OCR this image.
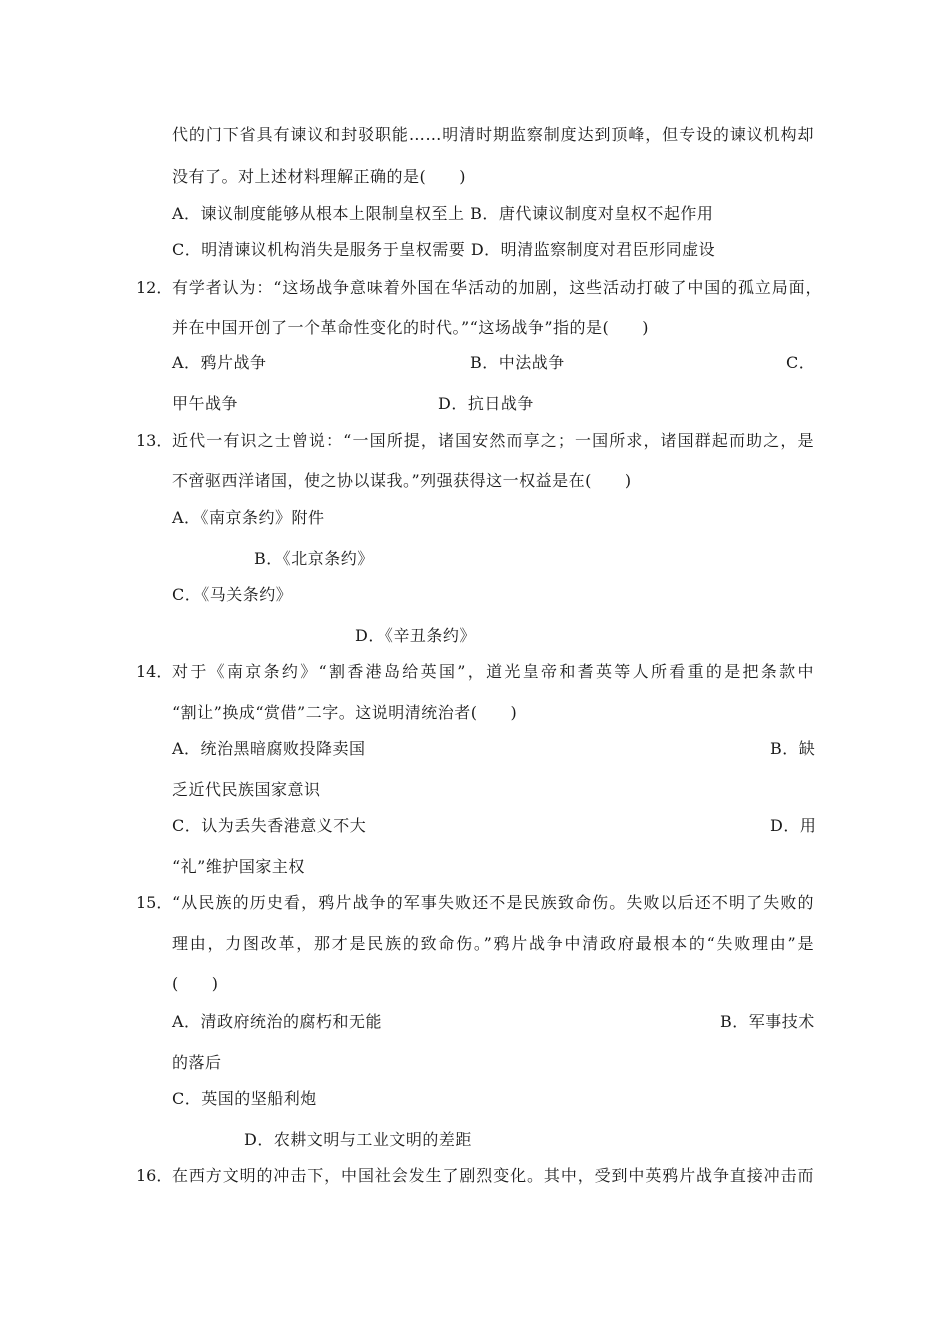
代的门下省具有谏议和封驳职能……明清时期监察制度达到顶峰，但专设的谏议机构却
没有了。对上述材料理解正确的是(　　)
A．谏议制度能够从根本上限制皇权至上 B．唐代谏议制度对皇权不起作用
C．明清谏议机构消失是服务于皇权需要 D．明清监察制度对君臣形同虚设
12． 有学者认为：“这场战争意味着外国在华活动的加剧，这些活动打破了中国的孤立局面，
并在中国开创了一个革命性变化的时代。”“这场战争”指的是(　　)
A．鸦片战争	B．中法战争	C．
甲午战争	D．抗日战争
13． 近代一有识之士曾说：“一国所提，诸国安然而享之；一国所求，诸国群起而助之，是
不啻驱西洋诸国，使之协以谋我。”列强获得这一权益是在(　　)
A．《南京条约》附件
B．《北京条约》
C．《马关条约》
D．《辛丑条约》
14． 对于《南京条约》“割香港岛给英国”，道光皇帝和耆英等人所看重的是把条款中
“割让”换成“赏借”二字。这说明清统治者(　　)
A．统治黑暗腐败投降卖国	B．缺
乏近代民族国家意识
C．认为丢失香港意义不大	D．用
“礼”维护国家主权
15． “从民族的历史看，鸦片战争的军事失败还不是民族致命伤。失败以后还不明了失败的
理由，力图改革，那才是民族的致命伤。”鸦片战争中清政府最根本的“失败理由”是
(　　)
A．清政府统治的腐朽和无能	B．军事技术
的落后
C．英国的坚船利炮
D．农耕文明与工业文明的差距
16． 在西方文明的冲击下，中国社会发生了剧烈变化。其中，受到中英鸦片战争直接冲击而
